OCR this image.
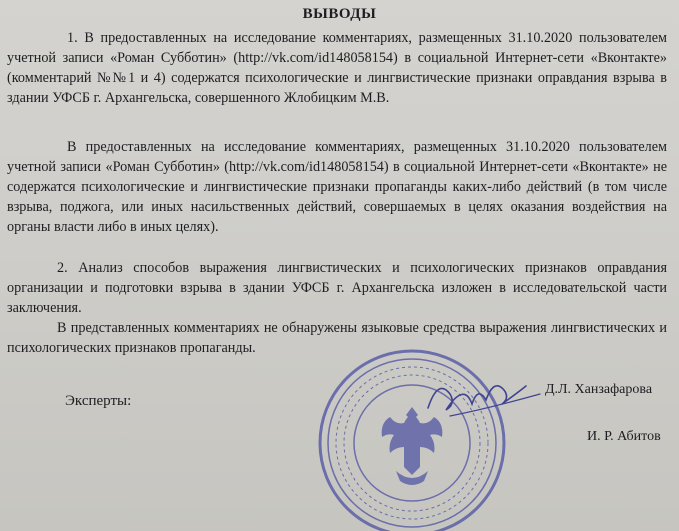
ВЫВОДЫ
1. В предоставленных на исследование комментариях, размещенных 31.10.2020 пользователем учетной записи «Роман Субботин» (http://vk.com/id148058154) в социальной Интернет-сети «Вконтакте» (комментарий №№1 и 4) содержатся психологические и лингвистические признаки оправдания взрыва в здании УФСБ г. Архангельска, совершенного Жлобицким М.В.
В предоставленных на исследование комментариях, размещенных 31.10.2020 пользователем учетной записи «Роман Субботин» (http://vk.com/id148058154) в социальной Интернет-сети «Вконтакте» не содержатся психологические и лингвистические признаки пропаганды каких-либо действий (в том числе взрыва, поджога, или иных насильственных действий, совершаемых в целях оказания воздействия на органы власти либо в иных целях).
2. Анализ способов выражения лингвистических и психологических признаков оправдания организации и подготовки взрыва в здании УФСБ г. Архангельска изложен в исследовательской части заключения.
В представленных комментариях не обнаружены языковые средства выражения лингвистических и психологических признаков пропаганды.
Эксперты:
Д.Л. Ханзафарова
И. Р. Абитов
